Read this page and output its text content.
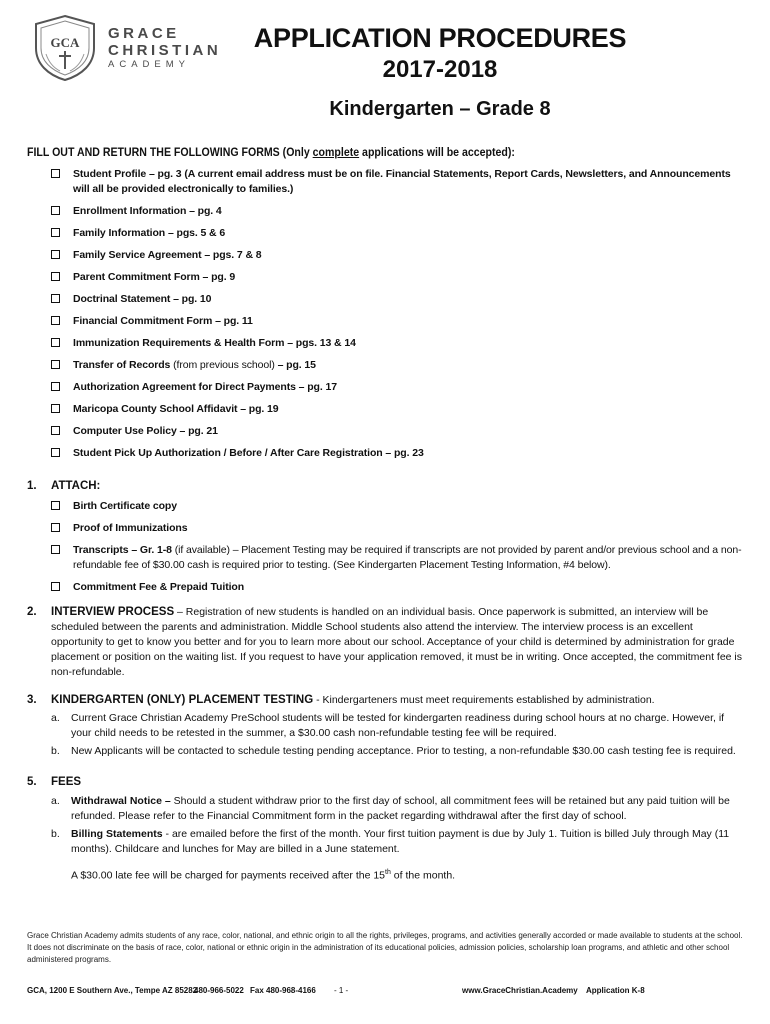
GCA
GRACE
CHRISTIAN
ACADEMY
APPLICATION PROCEDURES
2017-2018
Kindergarten – Grade 8
FILL OUT AND RETURN THE FOLLOWING FORMS (Only complete applications will be accepted):
Student Profile – pg. 3 (A current email address must be on file. Financial Statements, Report Cards, Newsletters, and Announcements will all be provided electronically to families.)
Enrollment Information – pg. 4
Family Information – pgs. 5 & 6
Family Service Agreement – pgs. 7 & 8
Parent Commitment Form – pg. 9
Doctrinal Statement – pg. 10
Financial Commitment Form – pg. 11
Immunization Requirements & Health Form – pgs. 13 & 14
Transfer of Records (from previous school) – pg. 15
Authorization Agreement for Direct Payments – pg. 17
Maricopa County School Affidavit – pg. 19
Computer Use Policy – pg. 21
Student Pick Up Authorization / Before / After Care Registration – pg. 23
1. ATTACH:
Birth Certificate copy
Proof of Immunizations
Transcripts – Gr. 1-8 (if available) – Placement Testing may be required if transcripts are not provided by parent and/or previous school and a non-refundable fee of $30.00 cash is required prior to testing. (See Kindergarten Placement Testing Information, #4 below).
Commitment Fee & Prepaid Tuition
2. INTERVIEW PROCESS – Registration of new students is handled on an individual basis. Once paperwork is submitted, an interview will be
scheduled between the parents and administration. Middle School students also attend the interview. The interview process is an excellent opportunity to get to know you better and for you to learn more about our school. Acceptance of your child is determined by administration for grade placement or position on the waiting list. If you request to have your application removed, it must be in writing. Once accepted, the commitment fee is non-refundable.
3. KINDERGARTEN (ONLY) PLACEMENT TESTING - Kindergarteners must meet requirements established by administration.
a. Current Grace Christian Academy PreSchool students will be tested for kindergarten readiness during school hours at no charge. However, if your child needs to be retested in the summer, a $30.00 cash non-refundable testing fee will be required.
b. New Applicants will be contacted to schedule testing pending acceptance. Prior to testing, a non-refundable $30.00 cash testing fee is required.
5. FEES
a. Withdrawal Notice – Should a student withdraw prior to the first day of school, all commitment fees will be retained but any paid tuition will be refunded. Please refer to the Financial Commitment form in the packet regarding withdrawal after the first day of school.
b. Billing Statements - are emailed before the first of the month. Your first tuition payment is due by July 1. Tuition is billed July through May (11 months). Childcare and lunches for May are billed in a June statement.
A $30.00 late fee will be charged for payments received after the 15th of the month.
Grace Christian Academy admits students of any race, color, national, and ethnic origin to all the rights, privileges, programs, and activities generally accorded or made available to students at the school. It does not discriminate on the basis of race, color, national or ethnic origin in the administration of its educational policies, admission policies, scholarship loan programs, and athletic and other school administered programs.
GCA, 1200 E Southern Ave., Tempe AZ 85282
480-966-5022 Fax 480-968-4166 - 1 -	www.GraceChristian.Academy Application K-8
